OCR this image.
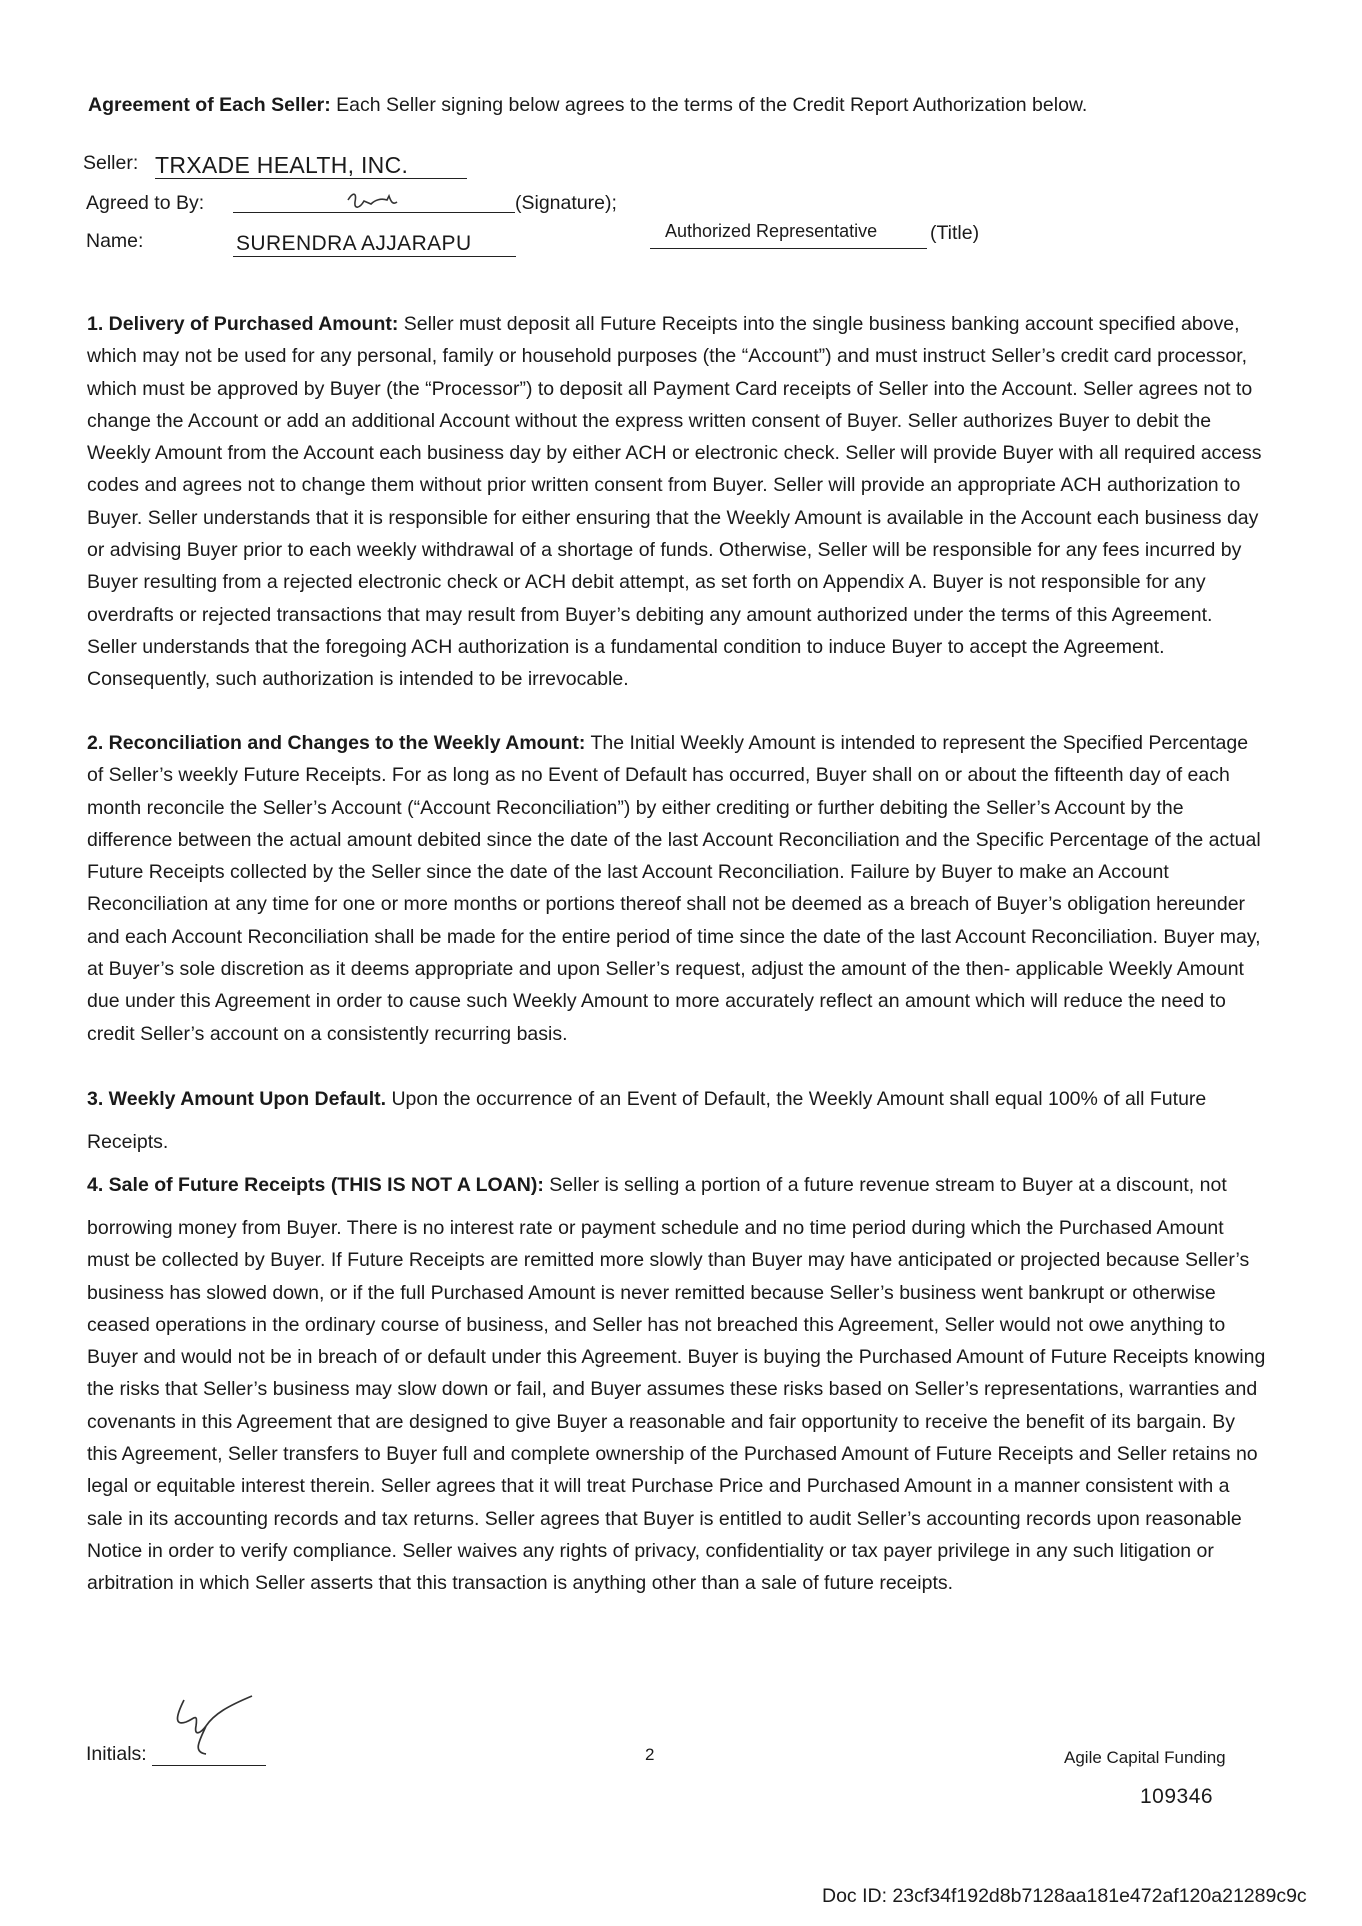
Agreement of Each Seller: Each Seller signing below agrees to the terms of the Credit Report Authorization below.
Seller: TRXADE HEALTH, INC.
Agreed to By:	(Signature);
Name:	SURENDRA AJJARAPU
Authorized Representative	(Title)

1. Delivery of Purchased Amount: Seller must deposit all Future Receipts into the single business banking account specified above, which may not be used for any personal, family or household purposes (the “Account”) and must instruct Seller’s credit card processor, which must be approved by Buyer (the “Processor”) to deposit all Payment Card receipts of Seller into the Account. Seller agrees not to change the Account or add an additional Account without the express written consent of Buyer. Seller authorizes Buyer to debit the Weekly Amount from the Account each business day by either ACH or electronic check. Seller will provide Buyer with all required access codes and agrees not to change them without prior written consent from Buyer. Seller will provide an appropriate ACH authorization to Buyer. Seller understands that it is responsible for either ensuring that the Weekly Amount is available in the Account each business day or advising Buyer prior to each weekly withdrawal of a shortage of funds. Otherwise, Seller will be responsible for any fees incurred by Buyer resulting from a rejected electronic check or ACH debit attempt, as set forth on Appendix A. Buyer is not responsible for any overdrafts or rejected transactions that may result from Buyer’s debiting any amount authorized under the terms of this Agreement. Seller understands that the foregoing ACH authorization is a fundamental condition to induce Buyer to accept the Agreement. Consequently, such authorization is intended to be irrevocable.

2. Reconciliation and Changes to the Weekly Amount: The Initial Weekly Amount is intended to represent the Specified Percentage of Seller’s weekly Future Receipts. For as long as no Event of Default has occurred, Buyer shall on or about the fifteenth day of each month reconcile the Seller’s Account (“Account Reconciliation”) by either crediting or further debiting the Seller’s Account by the difference between the actual amount debited since the date of the last Account Reconciliation and the Specific Percentage of the actual Future Receipts collected by the Seller since the date of the last Account Reconciliation. Failure by Buyer to make an Account Reconciliation at any time for one or more months or portions thereof shall not be deemed as a breach of Buyer’s obligation hereunder and each Account Reconciliation shall be made for the entire period of time since the date of the last Account Reconciliation. Buyer may, at Buyer’s sole discretion as it deems appropriate and upon Seller’s request, adjust the amount of the then- applicable Weekly Amount due under this Agreement in order to cause such Weekly Amount to more accurately reflect an amount which will reduce the need to credit Seller’s account on a consistently recurring basis.

3. Weekly Amount Upon Default. Upon the occurrence of an Event of Default, the Weekly Amount shall equal 100% of all Future

Receipts.

4. Sale of Future Receipts (THIS IS NOT A LOAN): Seller is selling a portion of a future revenue stream to Buyer at a discount, not

borrowing money from Buyer. There is no interest rate or payment schedule and no time period during which the Purchased Amount must be collected by Buyer. If Future Receipts are remitted more slowly than Buyer may have anticipated or projected because Seller’s business has slowed down, or if the full Purchased Amount is never remitted because Seller’s business went bankrupt or otherwise ceased operations in the ordinary course of business, and Seller has not breached this Agreement, Seller would not owe anything to Buyer and would not be in breach of or default under this Agreement. Buyer is buying the Purchased Amount of Future Receipts knowing the risks that Seller’s business may slow down or fail, and Buyer assumes these risks based on Seller’s representations, warranties and covenants in this Agreement that are designed to give Buyer a reasonable and fair opportunity to receive the benefit of its bargain. By this Agreement, Seller transfers to Buyer full and complete ownership of the Purchased Amount of Future Receipts and Seller retains no legal or equitable interest therein. Seller agrees that it will treat Purchase Price and Purchased Amount in a manner consistent with a sale in its accounting records and tax returns. Seller agrees that Buyer is entitled to audit Seller’s accounting records upon reasonable Notice in order to verify compliance. Seller waives any rights of privacy, confidentiality or tax payer privilege in any such litigation or arbitration in which Seller asserts that this transaction is anything other than a sale of future receipts.
Initials:	2	Agile Capital Funding
109346
Doc ID: 23cf34f192d8b7128aa181e472af120a21289c9c
